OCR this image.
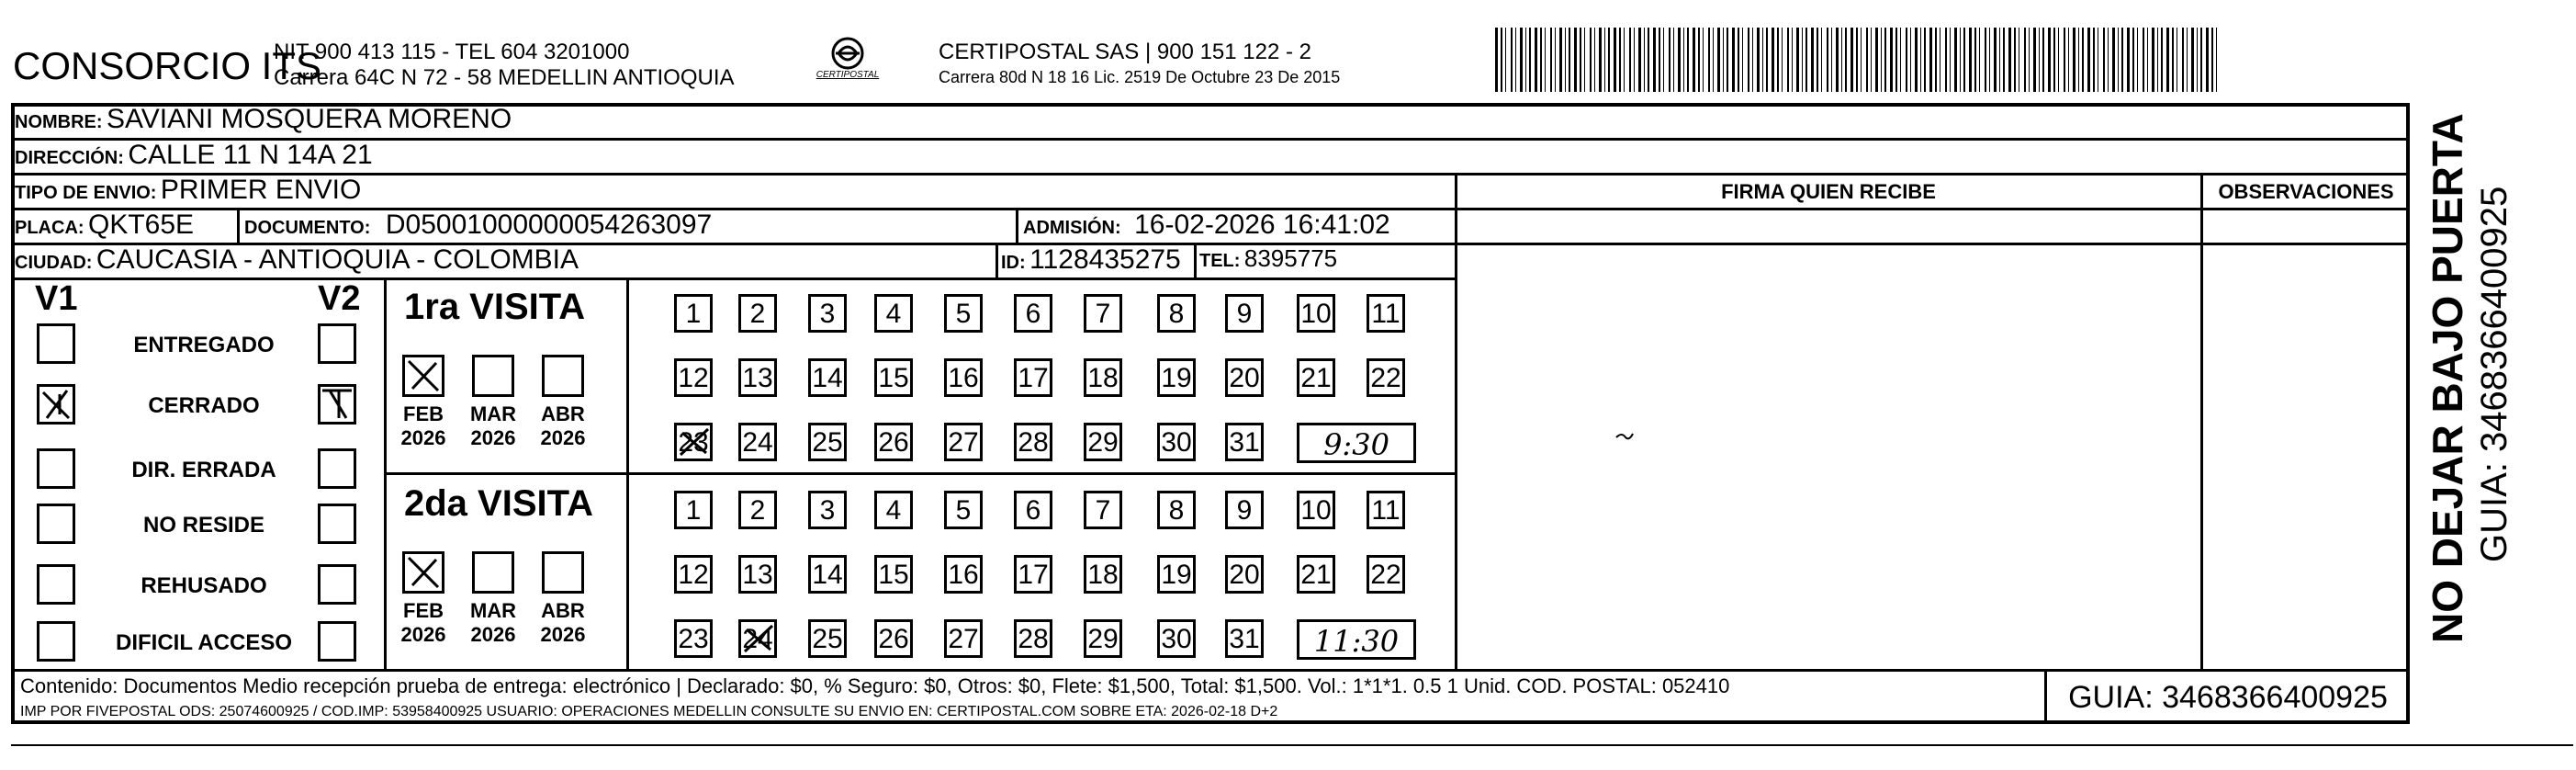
CONSORCIO ITS
NIT 900 413 115 - TEL 604 3201000
Carrera 64C N 72 - 58 MEDELLIN ANTIOQUIA	CERTIPOSTAL
CERTIPOSTAL SAS | 900 151 122 - 2
Carrera 80d N 18 16 Lic. 2519 De Octubre 23 De 2015
NOMBRE: SAVIANI MOSQUERA MORENO
DIRECCIÓN: CALLE 11 N 14A 21
TIPO DE ENVIO: PRIMER ENVIO
PLACA: QKT65E	DOCUMENTO: D05001000000054263097	ADMISIÓN: 16-02-2026 16:41:02
CIUDAD: CAUCASIA - ANTIOQUIA - COLOMBIA	ID: 1128435275 TEL: 8395775
FIRMA QUIEN RECIBE	OBSERVACIONES
V1	V2
ENTREGADO
CERRADO
DIR. ERRADA
NO RESIDE
REHUSADO
DIFICIL ACCESO
1ra VISITA
FEB
2026
MAR
2026
ABR
2026
1	2	3	4	5	6	7	8	9	10 11
12 13 14 15 16 17 18 19 20 21 22
23 24 25 26 27 28 29 30 31	9:30
2da VISITA
FEB
2026
MAR
2026
ABR
2026
1	2	3	4	5	6	7	8	9	10 11
12 13 14 15 16 17 18 19 20 21 22
23 24 25 26 27 28 29 30 31	11:30
Contenido: Documentos Medio recepción prueba de entrega: electrónico | Declarado: $0, % Seguro: $0, Otros: $0, Flete: $1,500, Total: $1,500. Vol.: 1*1*1. 0.5 1 Unid. COD. POSTAL: 052410
IMP POR FIVEPOSTAL ODS: 25074600925 / COD.IMP: 53958400925 USUARIO: OPERACIONES MEDELLIN CONSULTE SU ENVIO EN: CERTIPOSTAL.COM SOBRE ETA: 2026-02-18 D+2	GUIA: 3468366400925
NO DEJAR BAJO PUERTA GUIA: 3468366400925
